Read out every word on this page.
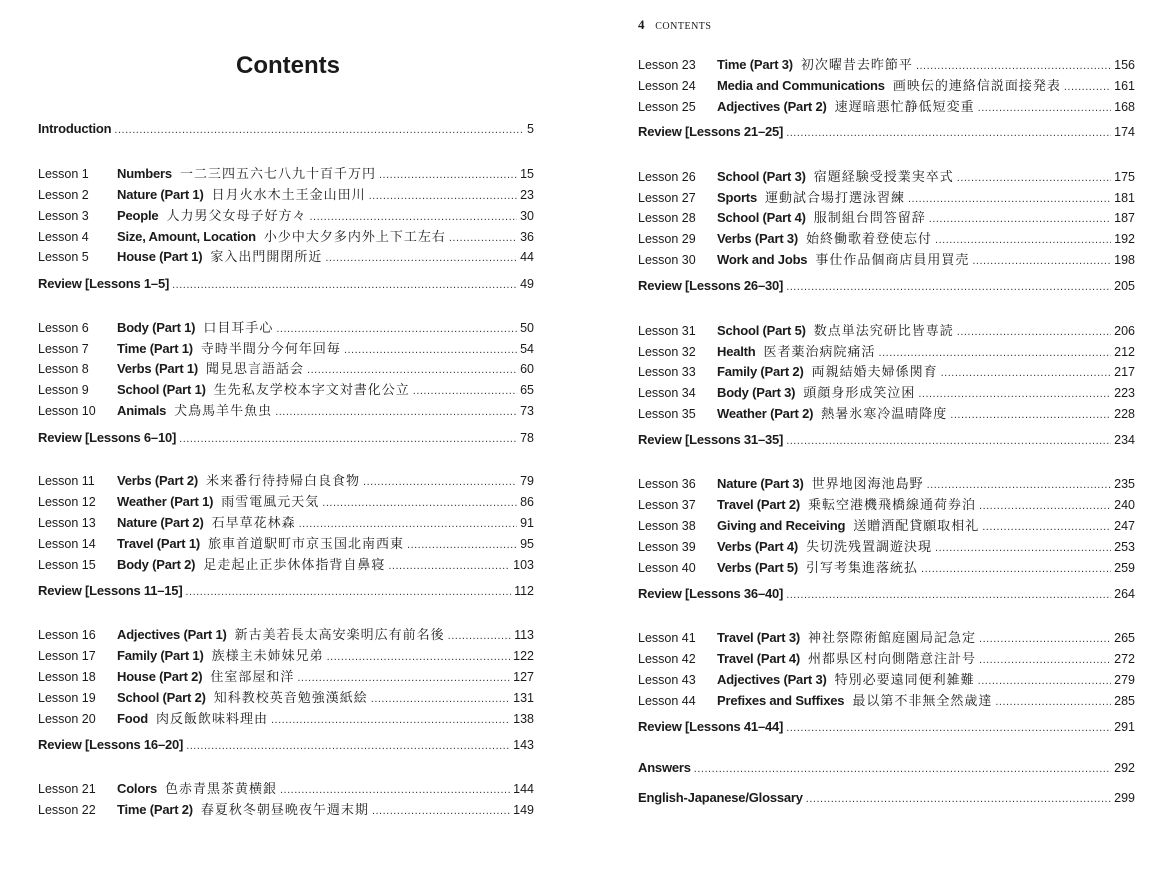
Contents
Introduction .....	5
Lesson 1	Numbers 一二三四五六七八九十百千万円 .....	15
Lesson 2	Nature (Part 1) 日月火水木土王金山田川 .....	23
Lesson 3	People 人力男父女母子好方々 .....	30
Lesson 4	Size, Amount, Location 小少中大夕多内外上下工左右 .....	36
Lesson 5	House (Part 1) 家入出門開閉所近 .....	44
Review [Lessons 1–5] .....	49
Lesson 6	Body (Part 1) 口目耳手心 .....	50
Lesson 7	Time (Part 1) 寺時半間分今何年回毎 .....	54
Lesson 8	Verbs (Part 1) 聞見思言語話会 .....	60
Lesson 9	School (Part 1) 生先私友学校本字文対書化公立 .....	65
Lesson 10	Animals 犬鳥馬羊牛魚虫 .....	73
Review [Lessons 6–10] .....	78
Lesson 11	Verbs (Part 2) 米来番行待持帰白良食物 .....	79
Lesson 12	Weather (Part 1) 雨雪電風元天気 .....	86
Lesson 13	Nature (Part 2) 石早草花林森 .....	91
Lesson 14	Travel (Part 1) 旅車首道駅町市京玉国北南西東 .....	95
Lesson 15	Body (Part 2) 足走起止正歩休体指背自鼻寝 .....	103
Review [Lessons 11–15] .....	112
Lesson 16	Adjectives (Part 1) 新古美若長太高安楽明広有前名後 .....	113
Lesson 17	Family (Part 1) 族様主未姉妹兄弟 .....	122
Lesson 18	House (Part 2) 住室部屋和洋 .....	127
Lesson 19	School (Part 2) 知科教校英音勉強漢紙絵 .....	131
Lesson 20	Food 肉反飯飲味料理由 .....	138
Review [Lessons 16–20] .....	143
Lesson 21	Colors 色赤青黒茶黄横銀 .....	144
Lesson 22	Time (Part 2) 春夏秋冬朝昼晩夜午週末期 .....	149
4 CONTENTS
Lesson 23	Time (Part 3) 初次曜昔去昨節平 .....	156
Lesson 24	Media and Communications 画映伝的連絡信説面接発表 .....	161
Lesson 25	Adjectives (Part 2) 速遅暗悪忙静低短変重 .....	168
Review [Lessons 21–25] .....	174
Lesson 26	School (Part 3) 宿題経験受授業実卒式 .....	175
Lesson 27	Sports 運動試合場打選泳習練 .....	181
Lesson 28	School (Part 4) 服制組台問答留辞 .....	187
Lesson 29	Verbs (Part 3) 始終働歌着登使忘付 .....	192
Lesson 30	Work and Jobs 事仕作品個商店員用買売 .....	198
Review [Lessons 26–30] .....	205
Lesson 31	School (Part 5) 数点単法究研比皆専読 .....	206
Lesson 32	Health 医者薬治病院痛活 .....	212
Lesson 33	Family (Part 2) 両親結婚夫婦係関育 .....	217
Lesson 34	Body (Part 3) 頭顔身形成笑泣困 .....	223
Lesson 35	Weather (Part 2) 熱暑氷寒冷温晴降度 .....	228
Review [Lessons 31–35] .....	234
Lesson 36	Nature (Part 3) 世界地図海池島野 .....	235
Lesson 37	Travel (Part 2) 乗転空港機飛橋線通荷券泊 .....	240
Lesson 38	Giving and Receiving 送贈酒配貸願取相礼 .....	247
Lesson 39	Verbs (Part 4) 失切洗残置調遊決現 .....	253
Lesson 40	Verbs (Part 5) 引写考集進落統払 .....	259
Review [Lessons 36–40] .....	264
Lesson 41	Travel (Part 3) 神社祭際術館庭園局記急定 .....	265
Lesson 42	Travel (Part 4) 州都県区村向側階意注計号 .....	272
Lesson 43	Adjectives (Part 3) 特別必要遠同便利雑難 .....	279
Lesson 44	Prefixes and Suffixes 最以第不非無全然歳達 .....	285
Review [Lessons 41–44] .....	291
Answers .....	292
English-Japanese/Glossary .....	299
